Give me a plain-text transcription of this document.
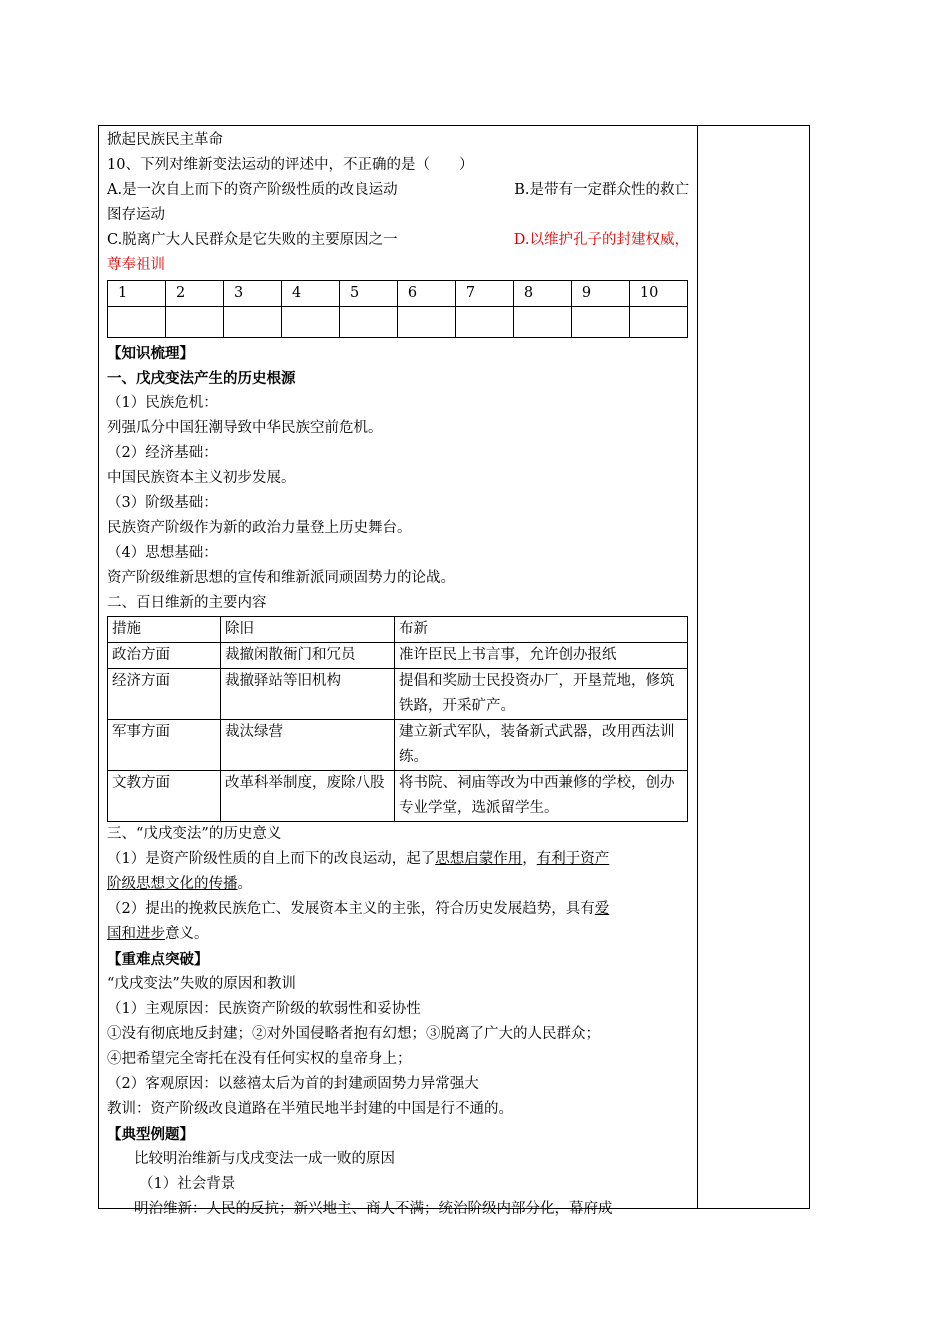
掀起民族民主革命
10、下列对维新变法运动的评述中，不正确的是（　　）
A.是一次自上而下的资产阶级性质的改良运动	B.是带有一定群众性的救亡
图存运动
C.脱离广大人民群众是它失败的主要原因之一	D.以维护孔子的封建权威，
尊奉祖训
1	2	3	4	5	6	7	8	9	10

【知识梳理】
一、戊戌变法产生的历史根源
（1）民族危机：
列强瓜分中国狂潮导致中华民族空前危机。
（2）经济基础：
中国民族资本主义初步发展。
（3）阶级基础：
民族资产阶级作为新的政治力量登上历史舞台。
（4）思想基础：
资产阶级维新思想的宣传和维新派同顽固势力的论战。
二、百日维新的主要内容
措施	除旧	布新
政治方面	裁撤闲散衙门和冗员	准许臣民上书言事，允许创办报纸
经济方面	裁撤驿站等旧机构	提倡和奖励士民投资办厂，开垦荒地，修筑铁路，开采矿产。
军事方面	裁汰绿营	建立新式军队，装备新式武器，改用西法训练。
文教方面	改革科举制度，废除八股	将书院、祠庙等改为中西兼修的学校，创办专业学堂，选派留学生。
三、“戊戌变法”的历史意义
（1）是资产阶级性质的自上而下的改良运动，起了思想启蒙作用，有利于资产
阶级思想文化的传播。
（2）提出的挽救民族危亡、发展资本主义的主张，符合历史发展趋势，具有爱
国和进步意义。
【重难点突破】
“戊戌变法”失败的原因和教训
（1）主观原因：民族资产阶级的软弱性和妥协性
①没有彻底地反封建；②对外国侵略者抱有幻想；③脱离了广大的人民群众；
④把希望完全寄托在没有任何实权的皇帝身上；
（2）客观原因：以慈禧太后为首的封建顽固势力异常强大
教训：资产阶级改良道路在半殖民地半封建的中国是行不通的。
【典型例题】
比较明治维新与戊戌变法一成一败的原因
（1）社会背景
明治维新：人民的反抗；新兴地主、商人不满；统治阶级内部分化，幕府成
